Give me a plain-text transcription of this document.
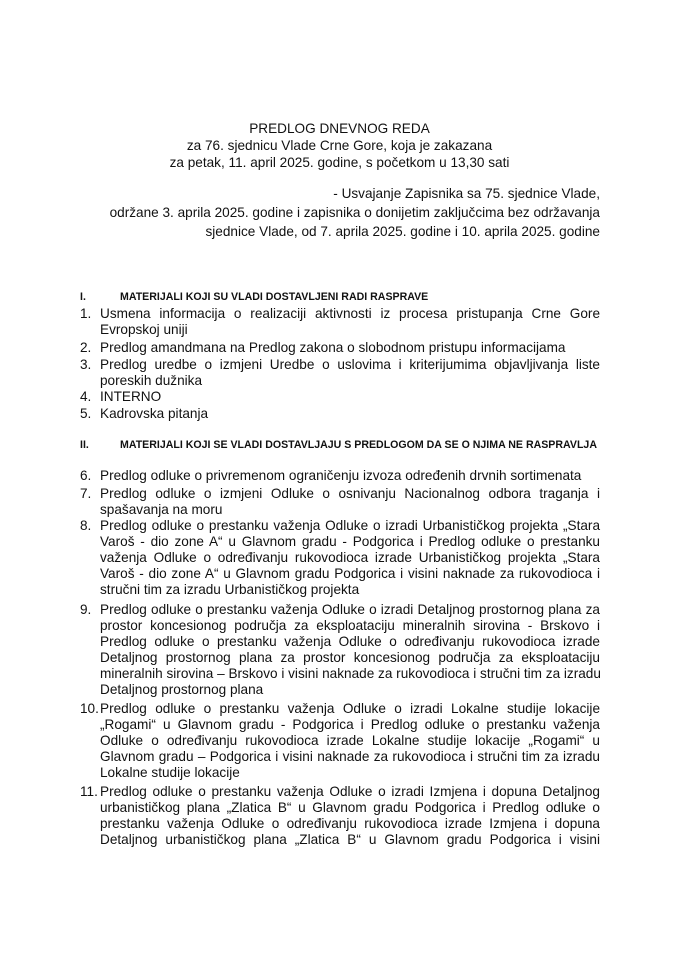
PREDLOG DNEVNOG REDA
za 76. sjednicu Vlade Crne Gore, koja je zakazana
za petak, 11. april 2025. godine, s početkom u 13,30 sati
- Usvajanje Zapisnika sa 75. sjednice Vlade,
održane 3. aprila 2025. godine i zapisnika o donijetim zaključcima bez održavanja
sjednice Vlade, od 7. aprila 2025. godine i 10. aprila 2025. godine
I.	MATERIJALI KOJI SU VLADI DOSTAVLJENI RADI RASPRAVE
1. Usmena informacija o realizaciji aktivnosti iz procesa pristupanja Crne Gore
Evropskoj uniji
2. Predlog amandmana na Predlog zakona o slobodnom pristupu informacijama
3. Predlog uredbe o izmjeni Uredbe o uslovima i kriterijumima objavljivanja liste
poreskih dužnika
4. INTERNO
5. Kadrovska pitanja
II.	MATERIJALI KOJI SE VLADI DOSTAVLJAJU S PREDLOGOM DA SE O NJIMA NE RASPRAVLJA
6. Predlog odluke o privremenom ograničenju izvoza određenih drvnih sortimenata
7. Predlog odluke o izmjeni Odluke o osnivanju Nacionalnog odbora traganja i
spašavanja na moru
8. Predlog odluke o prestanku važenja Odluke o izradi Urbanističkog projekta „Stara
Varoš - dio zone A“ u Glavnom gradu - Podgorica i Predlog odluke o prestanku
važenja Odluke o određivanju rukovodioca izrade Urbanističkog projekta „Stara
Varoš - dio zone A“ u Glavnom gradu Podgorica i visini naknade za rukovodioca i
stručni tim za izradu Urbanističkog projekta
9. Predlog odluke o prestanku važenja Odluke o izradi Detaljnog prostornog plana za
prostor koncesionog područja za eksploataciju mineralnih sirovina - Brskovo i
Predlog odluke o prestanku važenja Odluke o određivanju rukovodioca izrade
Detaljnog prostornog plana za prostor koncesionog područja za eksploataciju
mineralnih sirovina – Brskovo i visini naknade za rukovodioca i stručni tim za izradu
Detaljnog prostornog plana
10. Predlog odluke o prestanku važenja Odluke o izradi Lokalne studije lokacije
„Rogami“ u Glavnom gradu - Podgorica i Predlog odluke o prestanku važenja
Odluke o određivanju rukovodioca izrade Lokalne studije lokacije „Rogami“ u
Glavnom gradu – Podgorica i visini naknade za rukovodioca i stručni tim za izradu
Lokalne studije lokacije
11. Predlog odluke o prestanku važenja Odluke o izradi Izmjena i dopuna Detaljnog
urbanističkog plana „Zlatica B“ u Glavnom gradu Podgorica i Predlog odluke o
prestanku važenja Odluke o određivanju rukovodioca izrade Izmjena i dopuna
Detaljnog urbanističkog plana „Zlatica B“ u Glavnom gradu Podgorica i visini
